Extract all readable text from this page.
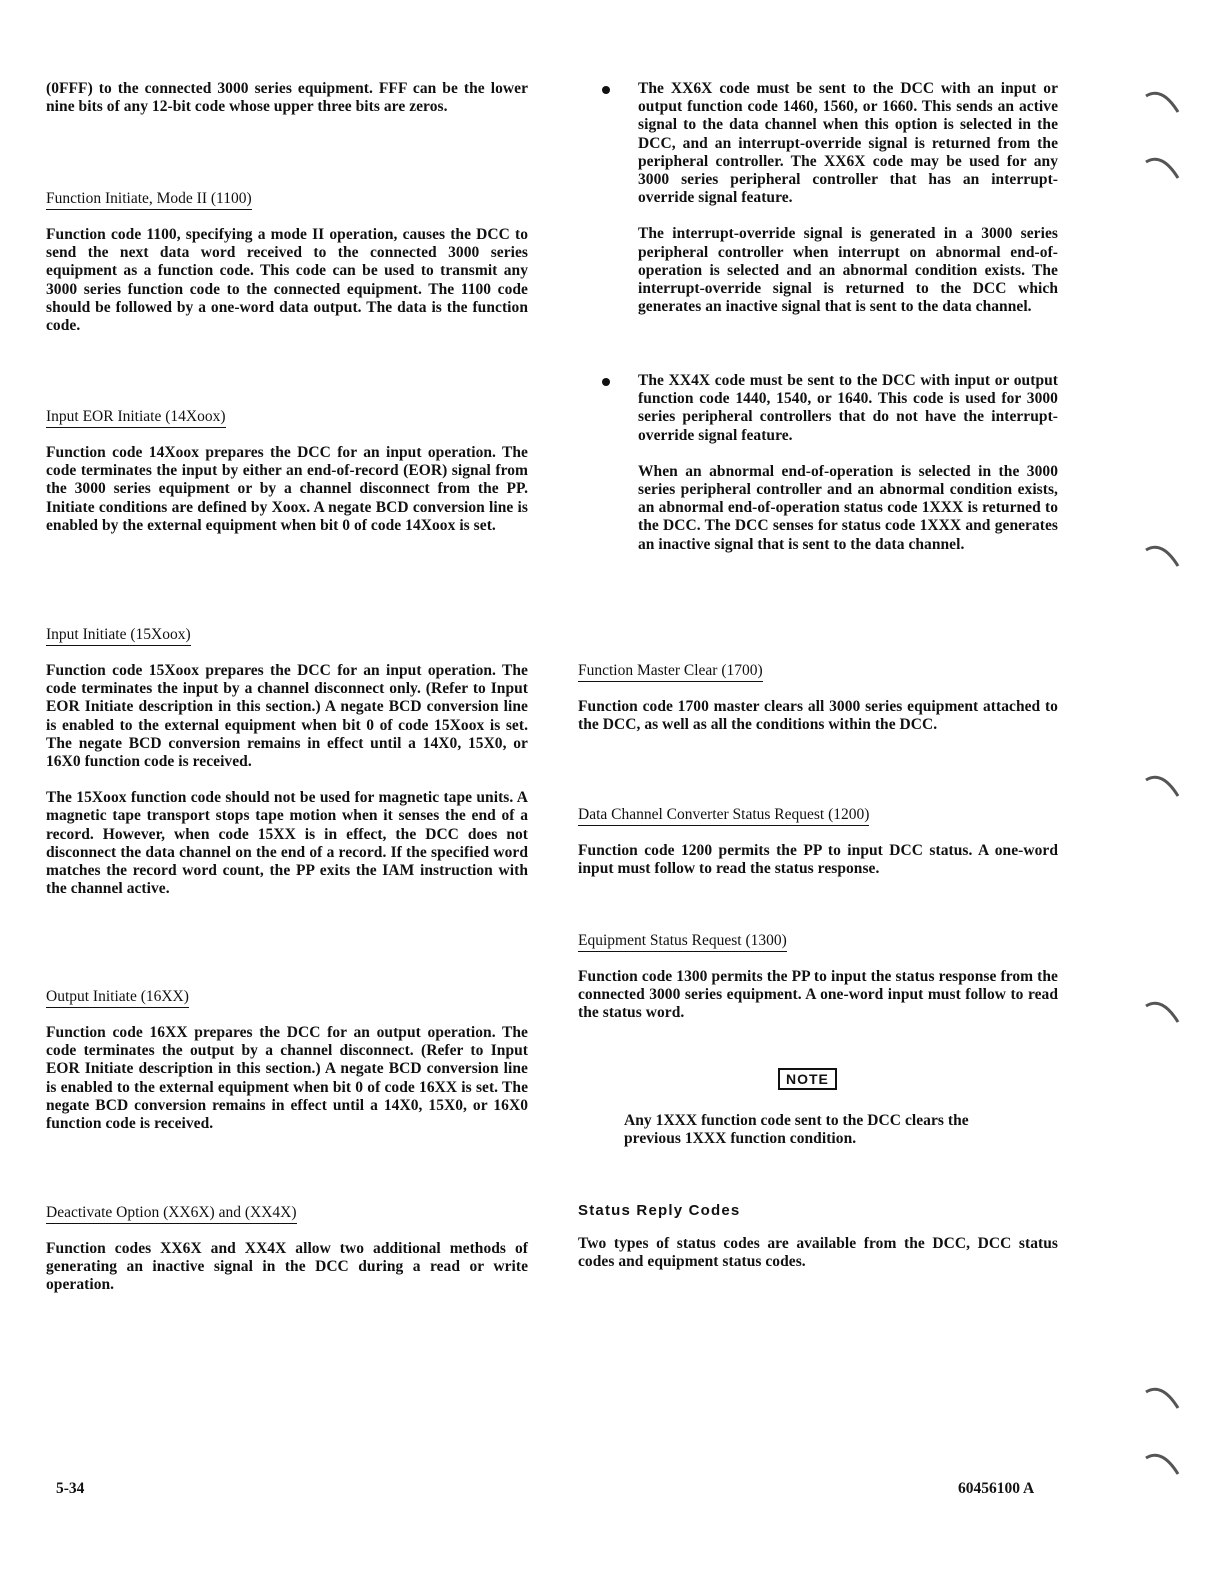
(0FFF) to the connected 3000 series equipment. FFF can be the lower nine bits of any 12-bit code whose upper three bits are zeros.

Function Initiate, Mode II (1100)

Function code 1100, specifying a mode II operation, causes the DCC to send the next data word received to the connected 3000 series equipment as a function code. This code can be used to transmit any 3000 series function code to the connected equipment. The 1100 code should be followed by a one-word data output. The data is the function code.

Input EOR Initiate (14Xoox)

Function code 14Xoox prepares the DCC for an input operation. The code terminates the input by either an end-of-record (EOR) signal from the 3000 series equipment or by a channel disconnect from the PP. Initiate conditions are defined by Xoox. A negate BCD conversion line is enabled by the external equipment when bit 0 of code 14Xoox is set.

Input Initiate (15Xoox)

Function code 15Xoox prepares the DCC for an input operation. The code terminates the input by a channel disconnect only. (Refer to Input EOR Initiate description in this section.) A negate BCD conversion line is enabled to the external equipment when bit 0 of code 15Xoox is set. The negate BCD conversion remains in effect until a 14X0, 15X0, or 16X0 function code is received.

The 15Xoox function code should not be used for magnetic tape units. A magnetic tape transport stops tape motion when it senses the end of a record. However, when code 15XX is in effect, the DCC does not disconnect the data channel on the end of a record. If the specified word matches the record word count, the PP exits the IAM instruction with the channel active.

Output Initiate (16XX)

Function code 16XX prepares the DCC for an output operation. The code terminates the output by a channel disconnect. (Refer to Input EOR Initiate description in this section.) A negate BCD conversion line is enabled to the external equipment when bit 0 of code 16XX is set. The negate BCD conversion remains in effect until a 14X0, 15X0, or 16X0 function code is received.

Deactivate Option (XX6X) and (XX4X)

Function codes XX6X and XX4X allow two additional methods of generating an inactive signal in the DCC during a read or write operation.

The XX6X code must be sent to the DCC with an input or output function code 1460, 1560, or 1660. This sends an active signal to the data channel when this option is selected in the DCC, and an interrupt-override signal is returned from the peripheral controller. The XX6X code may be used for any 3000 series peripheral controller that has an interrupt-override signal feature.

The interrupt-override signal is generated in a 3000 series peripheral controller when interrupt on abnormal end-of-operation is selected and an abnormal condition exists. The interrupt-override signal is returned to the DCC which generates an inactive signal that is sent to the data channel.

The XX4X code must be sent to the DCC with input or output function code 1440, 1540, or 1640. This code is used for 3000 series peripheral controllers that do not have the interrupt-override signal feature.

When an abnormal end-of-operation is selected in the 3000 series peripheral controller and an abnormal condition exists, an abnormal end-of-operation status code 1XXX is returned to the DCC. The DCC senses for status code 1XXX and generates an inactive signal that is sent to the data channel.

Function Master Clear (1700)

Function code 1700 master clears all 3000 series equipment attached to the DCC, as well as all the conditions within the DCC.

Data Channel Converter Status Request (1200)

Function code 1200 permits the PP to input DCC status. A one-word input must follow to read the status response.

Equipment Status Request (1300)

Function code 1300 permits the PP to input the status response from the connected 3000 series equipment. A one-word input must follow to read the status word.

NOTE

Any 1XXX function code sent to the DCC clears the previous 1XXX function condition.

Status Reply Codes

Two types of status codes are available from the DCC, DCC status codes and equipment status codes.

5-34	60456100 A
